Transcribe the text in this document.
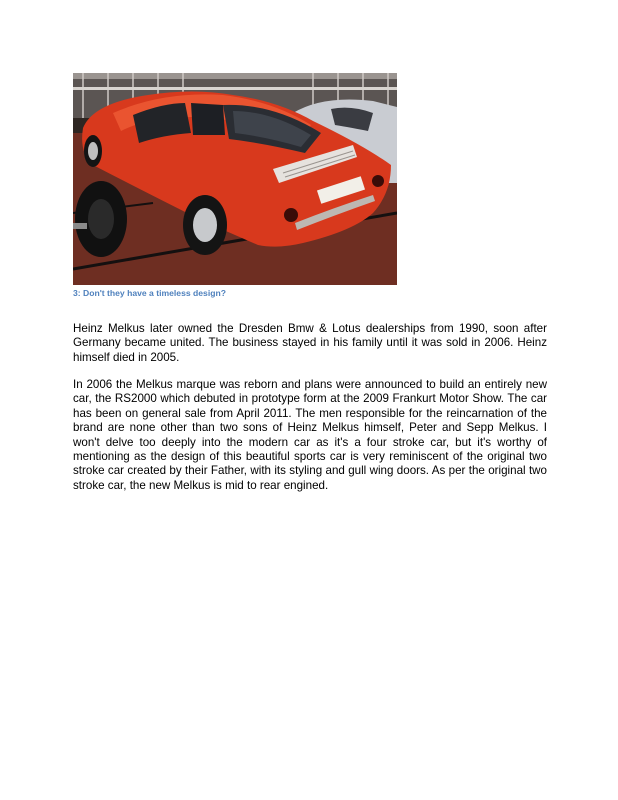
3: Don't they have a timeless design?

Heinz Melkus later owned the Dresden Bmw & Lotus dealerships from 1990, soon after Germany became united. The business stayed in his family until it was sold in 2006. Heinz himself died in 2005.

In 2006 the Melkus marque was reborn and plans were announced to build an entirely new car, the RS2000 which debuted in prototype form at the 2009 Frankurt Motor Show. The car has been on general sale from April 2011. The men responsible for the reincarnation of the brand are none other than two sons of Heinz Melkus himself, Peter and Sepp Melkus. I won't delve too deeply into the modern car as it's a four stroke car, but it's worthy of mentioning as the design of this beautiful sports car is very reminiscent of the original two stroke car created by their Father, with its styling and gull wing doors. As per the original two stroke car, the new Melkus is mid to rear engined.
